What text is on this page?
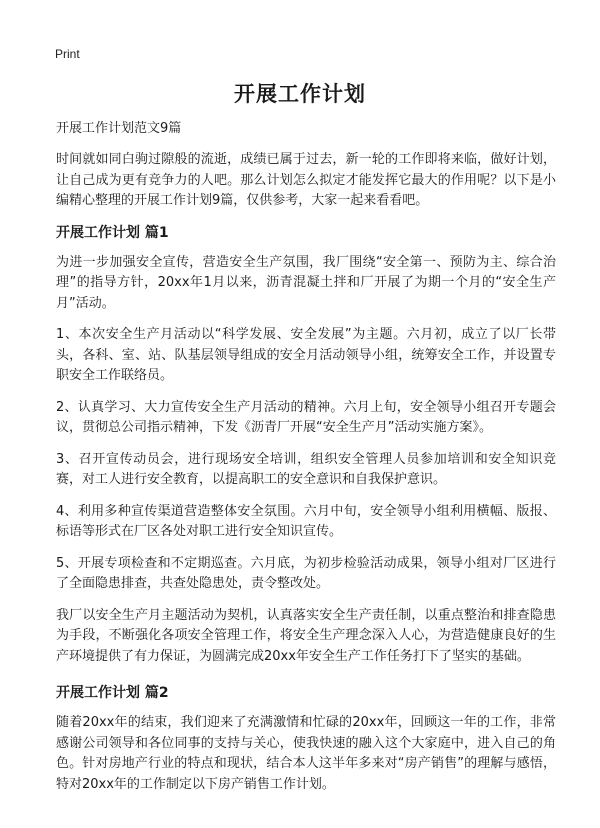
Print
开展工作计划
开展工作计划范文9篇

时间就如同白驹过隙般的流逝，成绩已属于过去，新一轮的工作即将来临，做好计划，让自己成为更有竞争力的人吧。那么计划怎么拟定才能发挥它最大的作用呢？以下是小编精心整理的开展工作计划9篇，仅供参考，大家一起来看看吧。

开展工作计划 篇1

为进一步加强安全宣传，营造安全生产氛围，我厂围绕“安全第一、预防为主、综合治理”的指导方针，20xx年1月以来，沥青混凝土拌和厂开展了为期一个月的“安全生产月”活动。

1、本次安全生产月活动以“科学发展、安全发展”为主题。六月初，成立了以厂长带头，各科、室、站、队基层领导组成的安全月活动领导小组，统筹安全工作，并设置专职安全工作联络员。

2、认真学习、大力宣传安全生产月活动的精神。六月上旬，安全领导小组召开专题会议，贯彻总公司指示精神，下发《沥青厂开展“安全生产月”活动实施方案》。

3、召开宣传动员会，进行现场安全培训，组织安全管理人员参加培训和安全知识竞赛，对工人进行安全教育，以提高职工的安全意识和自我保护意识。

4、利用多种宣传渠道营造整体安全氛围。六月中旬，安全领导小组利用横幅、版报、标语等形式在厂区各处对职工进行安全知识宣传。

5、开展专项检查和不定期巡查。六月底，为初步检验活动成果，领导小组对厂区进行了全面隐患排查，共查处隐患处，责令整改处。

我厂以安全生产月主题活动为契机，认真落实安全生产责任制，以重点整治和排查隐患为手段，不断强化各项安全管理工作，将安全生产理念深入人心，为营造健康良好的生产环境提供了有力保证，为圆满完成20xx年安全生产工作任务打下了坚实的基础。

开展工作计划 篇2

随着20xx年的结束，我们迎来了充满激情和忙碌的20xx年，回顾这一年的工作，非常感谢公司领导和各位同事的支持与关心，使我快速的融入这个大家庭中，进入自己的角色。针对房地产行业的特点和现状，结合本人这半年多来对“房产销售”的理解与感悟，特对20xx年的工作制定以下房产销售工作计划。
